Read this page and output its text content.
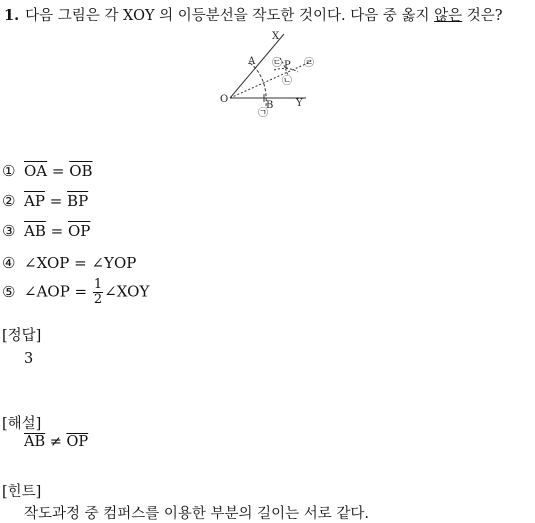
1. 다음 그림은 각 XOY 의 이등분선을 작도한 것이다. 다음 중 옳지 않은 것은?
X
O
A
B Y
P
㉢ ㉣
㉡
㉠
① $\overline{OA} = \overline{OB}$
② $\overline{AP} = \overline{BP}$
③ $\overline{AB} = \overline{OP}$
④ ∠XOP = ∠YOP
⑤ ∠AOP = $\frac{1}{2}$ ∠XOY
[정답]
3
[해설]
$\overline{AB} \ne \overline{OP}$
[힌트]
작도과정 중 컴퍼스를 이용한 부분의 길이는 서로 같다.
